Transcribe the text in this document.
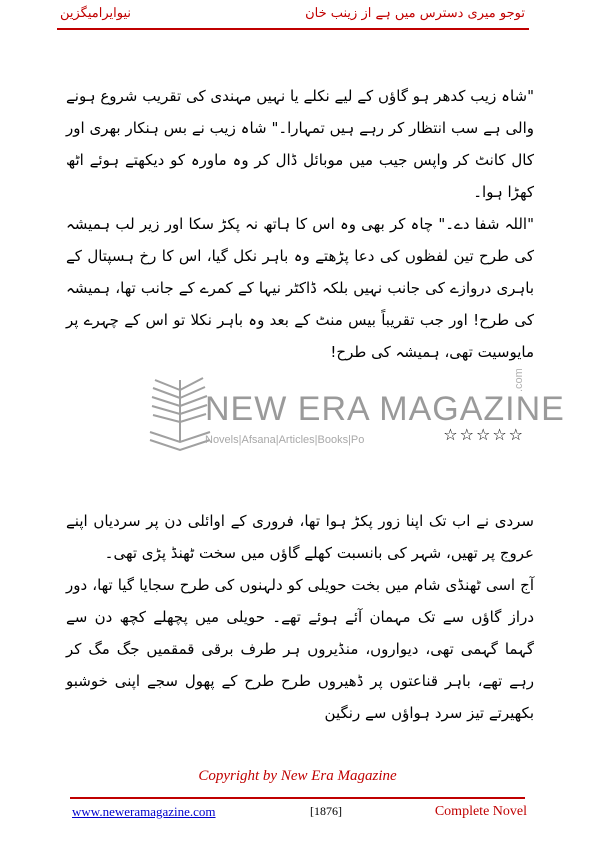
نیوایرامیگزین	توجو میری دسترس میں ہے از زینب خان

"شاہ زیب کدھر ہو گاؤں کے لیے نکلے یا نہیں مہندی کی تقریب شروع ہونے والی ہے سب انتظار کر رہے ہیں تمہارا۔" شاہ زیب نے بس ہنکار بھری اور کال کانٹ کر واپس جیب میں موبائل ڈال کر وہ ماورہ کو دیکھتے ہوئے اٹھ کھڑا ہوا۔

"اللہ شفا دے۔" چاہ کر بھی وہ اس کا ہاتھ نہ پکڑ سکا اور زیر لب ہمیشہ کی طرح تین لفظوں کی دعا پڑھتے وہ باہر نکل گیا، اس کا رخ ہسپتال کے باہری دروازے کی جانب نہیں بلکہ ڈاکٹر نیہا کے کمرے کے جانب تھا، ہمیشہ کی طرح! اور جب تقریباً بیس منٹ کے بعد وہ باہر نکلا تو اس کے چہرے پر مایوسیت تھی، ہمیشہ کی طرح!

NEW ERA MAGAZINE
.com
Novels|Afsana|Articles|Books|Po	☆☆☆☆☆

سردی نے اب تک اپنا زور پکڑ ہوا تھا، فروری کے اوائلی دن پر سردیاں اپنے عروج پر تھیں، شہر کی بانسبت کھلے گاؤں میں سخت ٹھنڈ پڑی تھی۔

آج اسی ٹھنڈی شام میں بخت حویلی کو دلہنوں کی طرح سجایا گیا تھا، دور دراز گاؤں سے تک مہمان آئے ہوئے تھے۔ حویلی میں پچھلے کچھ دن سے گہما گہمی تھی، دیواروں، منڈیروں ہر طرف برقی قمقمیں جگ مگ کر رہے تھے، باہر قناعتوں پر ڈھیروں طرح طرح کے پھول سجے اپنی خوشبو بکھیرتے تیز سرد ہواؤں سے رنگین

Copyright by New Era Magazine
www.neweramagazine.com	[1876]	Complete Novel
